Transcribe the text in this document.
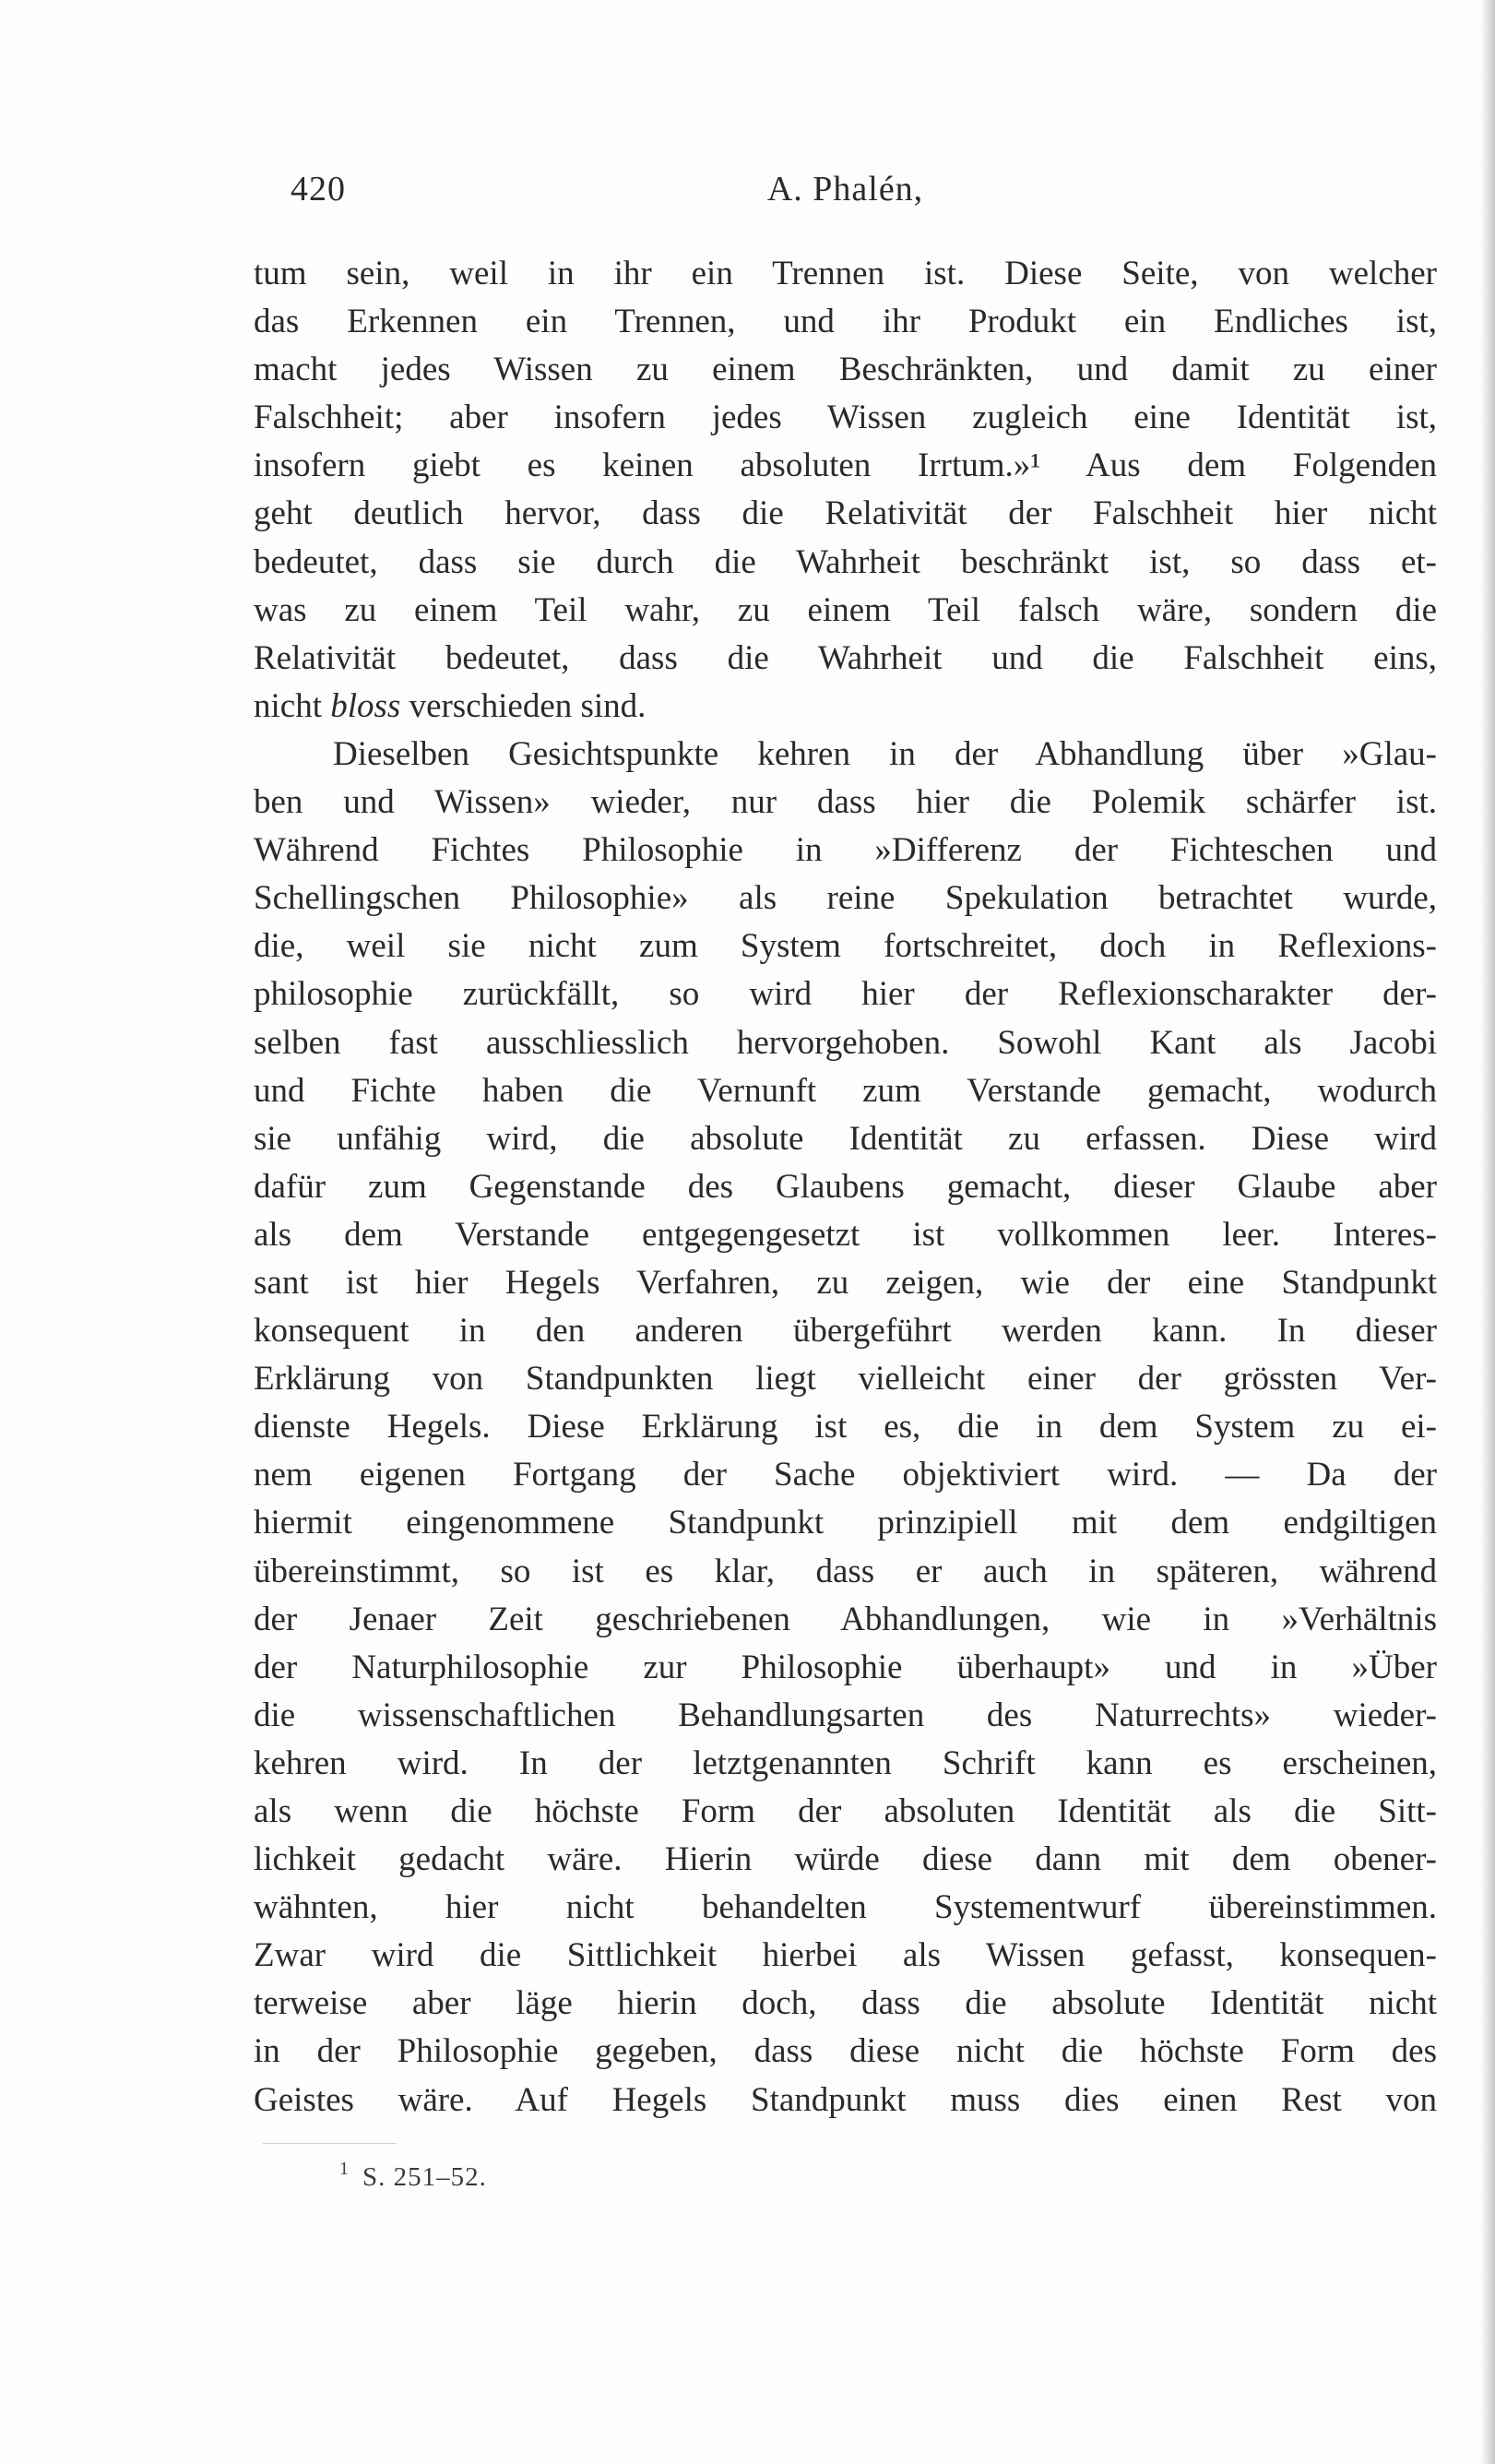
420	A. Phalén,
tum sein, weil in ihr ein Trennen ist. Diese Seite, von welcher
das Erkennen ein Trennen, und ihr Produkt ein Endliches ist,
macht jedes Wissen zu einem Beschränkten, und damit zu einer
Falschheit; aber insofern jedes Wissen zugleich eine Identität ist,
insofern giebt es keinen absoluten Irrtum.»¹ Aus dem Folgenden
geht deutlich hervor, dass die Relativität der Falschheit hier nicht
bedeutet, dass sie durch die Wahrheit beschränkt ist, so dass et-
was zu einem Teil wahr, zu einem Teil falsch wäre, sondern die
Relativität bedeutet, dass die Wahrheit und die Falschheit eins,
nicht bloss verschieden sind.
Dieselben Gesichtspunkte kehren in der Abhandlung über »Glau-
ben und Wissen» wieder, nur dass hier die Polemik schärfer ist.
Während Fichtes Philosophie in »Differenz der Fichteschen und
Schellingschen Philosophie» als reine Spekulation betrachtet wurde,
die, weil sie nicht zum System fortschreitet, doch in Reflexions-
philosophie zurückfällt, so wird hier der Reflexionscharakter der-
selben fast ausschliesslich hervorgehoben. Sowohl Kant als Jacobi
und Fichte haben die Vernunft zum Verstande gemacht, wodurch
sie unfähig wird, die absolute Identität zu erfassen. Diese wird
dafür zum Gegenstande des Glaubens gemacht, dieser Glaube aber
als dem Verstande entgegengesetzt ist vollkommen leer. Interes-
sant ist hier Hegels Verfahren, zu zeigen, wie der eine Standpunkt
konsequent in den anderen übergeführt werden kann. In dieser
Erklärung von Standpunkten liegt vielleicht einer der grössten Ver-
dienste Hegels. Diese Erklärung ist es, die in dem System zu ei-
nem eigenen Fortgang der Sache objektiviert wird. — Da der
hiermit eingenommene Standpunkt prinzipiell mit dem endgiltigen
übereinstimmt, so ist es klar, dass er auch in späteren, während
der Jenaer Zeit geschriebenen Abhandlungen, wie in »Verhältnis
der Naturphilosophie zur Philosophie überhaupt» und in »Über
die wissenschaftlichen Behandlungsarten des Naturrechts» wieder-
kehren wird. In der letztgenannten Schrift kann es erscheinen,
als wenn die höchste Form der absoluten Identität als die Sitt-
lichkeit gedacht wäre. Hierin würde diese dann mit dem obener-
wähnten, hier nicht behandelten Systementwurf übereinstimmen.
Zwar wird die Sittlichkeit hierbei als Wissen gefasst, konsequen-
terweise aber läge hierin doch, dass die absolute Identität nicht
in der Philosophie gegeben, dass diese nicht die höchste Form des
Geistes wäre. Auf Hegels Standpunkt muss dies einen Rest von
$^1$ S. 251–52.
